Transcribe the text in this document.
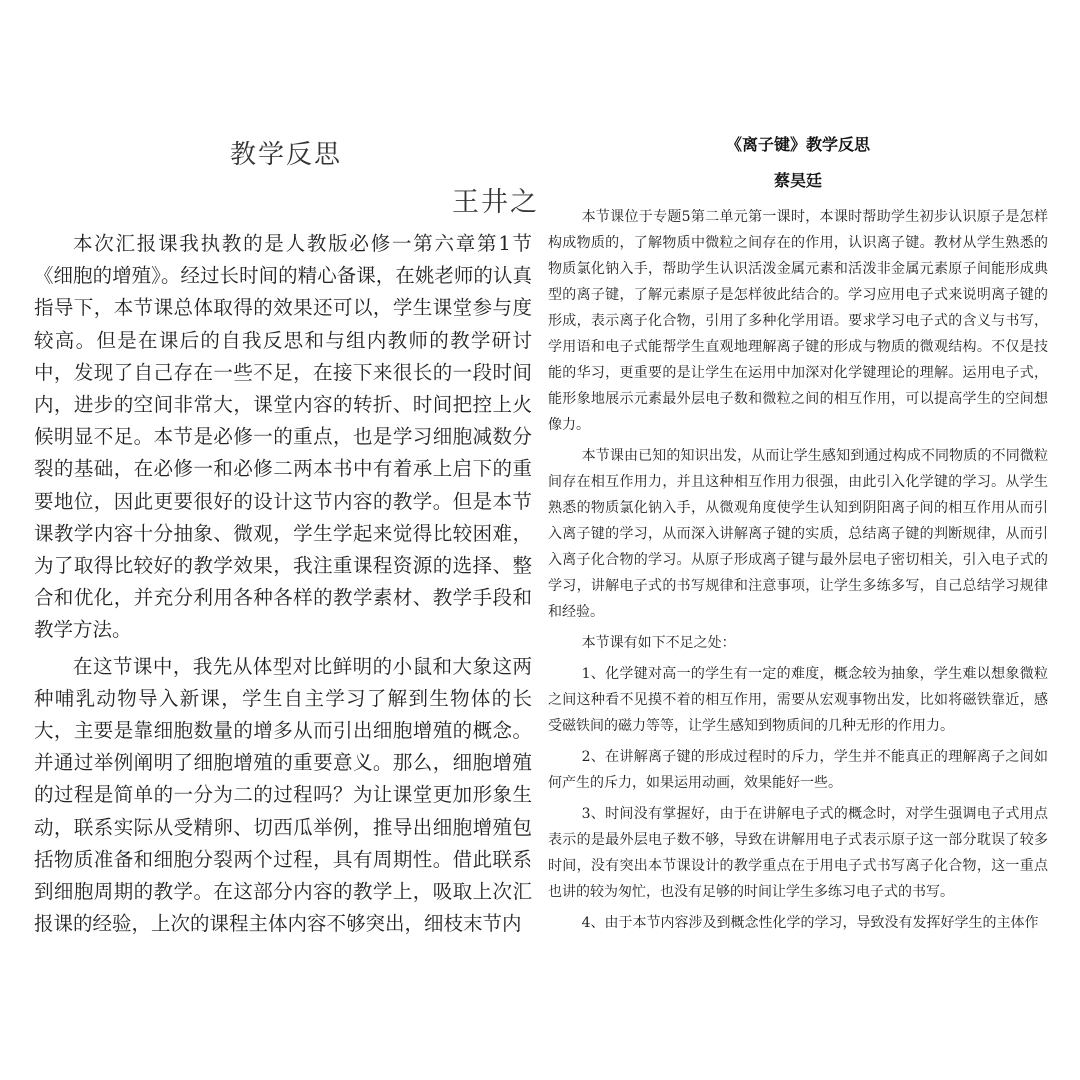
教学反思
王井之

本次汇报课我执教的是人教版必修一第六章第1节《细胞的增殖》。经过长时间的精心备课，在姚老师的认真指导下，本节课总体取得的效果还可以，学生课堂参与度较高。但是在课后的自我反思和与组内教师的教学研讨中，发现了自己存在一些不足，在接下来很长的一段时间内，进步的空间非常大，课堂内容的转折、时间把控上火候明显不足。本节是必修一的重点，也是学习细胞减数分裂的基础，在必修一和必修二两本书中有着承上启下的重要地位，因此更要很好的设计这节内容的教学。但是本节课教学内容十分抽象、微观，学生学起来觉得比较困难，为了取得比较好的教学效果，我注重课程资源的选择、整合和优化，并充分利用各种各样的教学素材、教学手段和教学方法。

在这节课中，我先从体型对比鲜明的小鼠和大象这两种哺乳动物导入新课，学生自主学习了解到生物体的长大，主要是靠细胞数量的增多从而引出细胞增殖的概念。并通过举例阐明了细胞增殖的重要意义。那么，细胞增殖的过程是简单的一分为二的过程吗？为让课堂更加形象生动，联系实际从受精卵、切西瓜举例，推导出细胞增殖包括物质准备和细胞分裂两个过程，具有周期性。借此联系到细胞周期的教学。在这部分内容的教学上，吸取上次汇报课的经验，上次的课程主体内容不够突出，细枝末节内

《离子键》教学反思
蔡昊廷

本节课位于专题5第二单元第一课时，本课时帮助学生初步认识原子是怎样构成物质的，了解物质中微粒之间存在的作用，认识离子键。教材从学生熟悉的物质氯化钠入手，帮助学生认识活泼金属元素和活泼非金属元素原子间能形成典型的离子键，了解元素原子是怎样彼此结合的。学习应用电子式来说明离子键的形成，表示离子化合物，引用了多种化学用语。要求学习电子式的含义与书写，学用语和电子式能帮学生直观地理解离子键的形成与物质的微观结构。不仅是技能的华习，更重要的是让学生在运用中加深对化学键理论的理解。运用电子式，能形象地展示元素最外层电子数和微粒之间的相互作用，可以提高学生的空间想像力。

本节课由已知的知识出发，从而让学生感知到通过构成不同物质的不同微粒间存在相互作用力，并且这种相互作用力很强，由此引入化学键的学习。从学生熟悉的物质氯化钠入手，从微观角度使学生认知到阴阳离子间的相互作用从而引入离子键的学习，从而深入讲解离子键的实质，总结离子键的判断规律，从而引入离子化合物的学习。从原子形成离子键与最外层电子密切相关，引入电子式的学习，讲解电子式的书写规律和注意事项，让学生多练多写，自己总结学习规律和经验。

本节课有如下不足之处：

1、化学键对高一的学生有一定的难度，概念较为抽象，学生难以想象微粒之间这种看不见摸不着的相互作用，需要从宏观事物出发，比如将磁铁靠近，感受磁铁间的磁力等等，让学生感知到物质间的几种无形的作用力。

2、在讲解离子键的形成过程时的斥力，学生并不能真正的理解离子之间如何产生的斥力，如果运用动画，效果能好一些。

3、时间没有掌握好，由于在讲解电子式的概念时，对学生强调电子式用点表示的是最外层电子数不够，导致在讲解用电子式表示原子这一部分耽误了较多时间，没有突出本节课设计的教学重点在于用电子式书写离子化合物，这一重点也讲的较为匆忙，也没有足够的时间让学生多练习电子式的书写。

4、由于本节内容涉及到概念性化学的学习，导致没有发挥好学生的主体作
